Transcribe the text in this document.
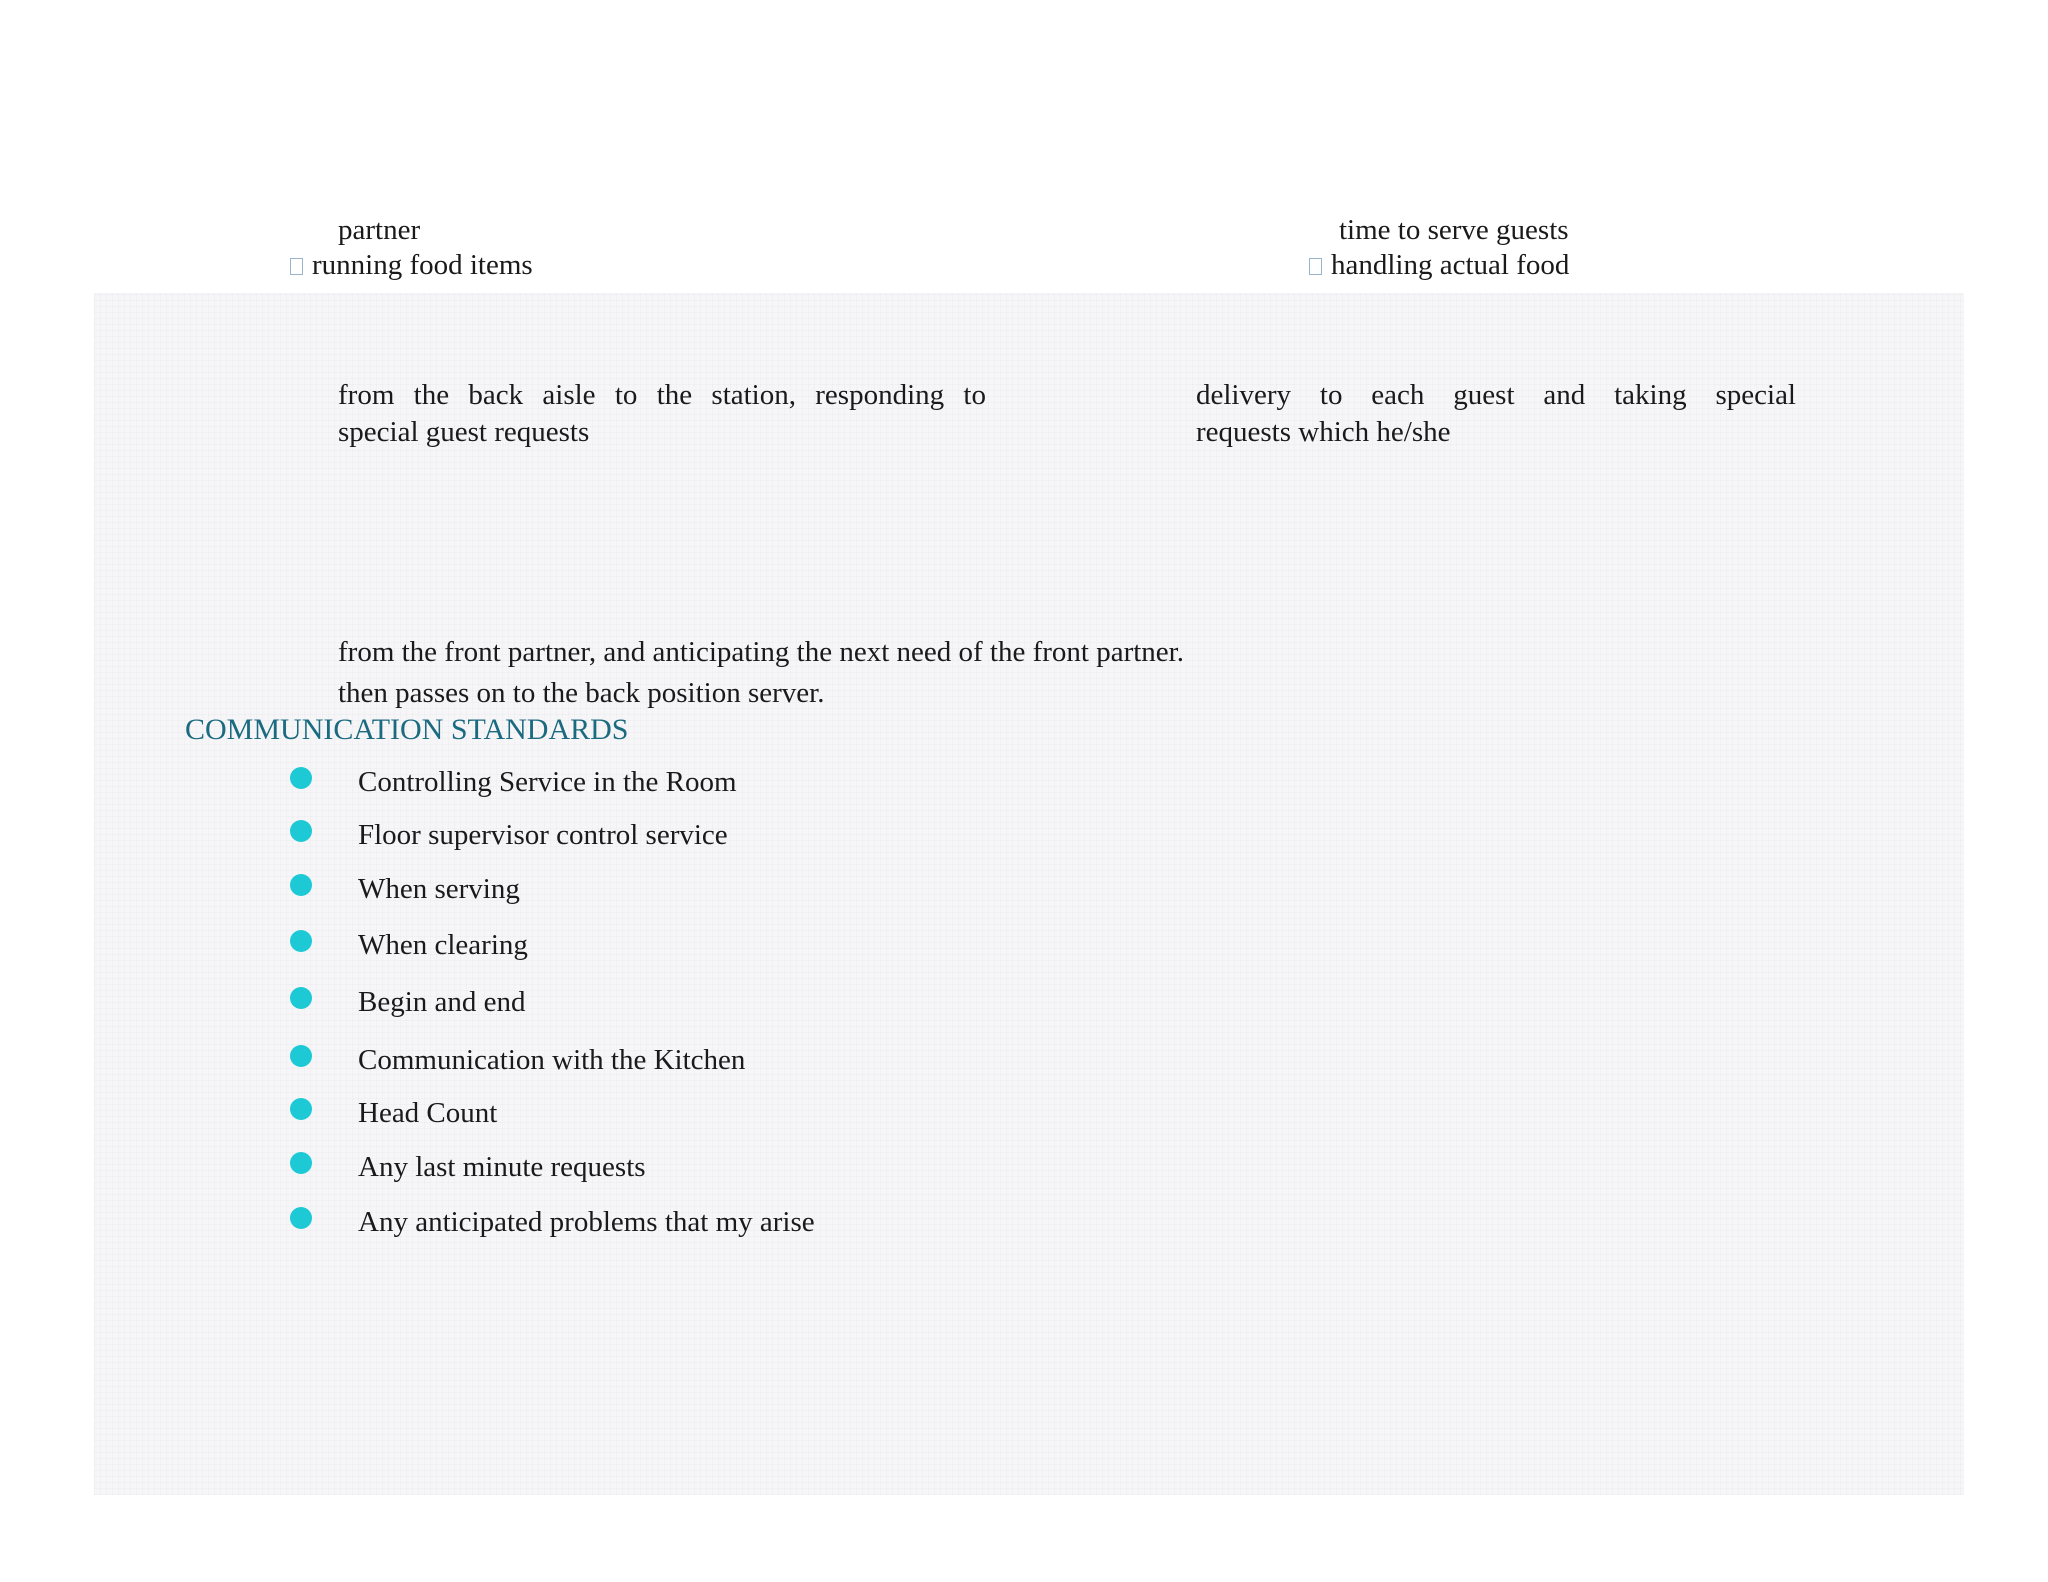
partner

running food items

time to serve guests

handling actual food

from the back aisle to the station, responding to

special guest requests

delivery to each guest and taking special

requests which he/she

from the front partner, and anticipating the next need of the front partner.

then passes on to the back position server.

COMMUNICATION STANDARDS
Controlling Service in the Room
Floor supervisor control service
When serving
When clearing
Begin and end
Communication with the Kitchen
Head Count
Any last minute requests
Any anticipated problems that my arise
